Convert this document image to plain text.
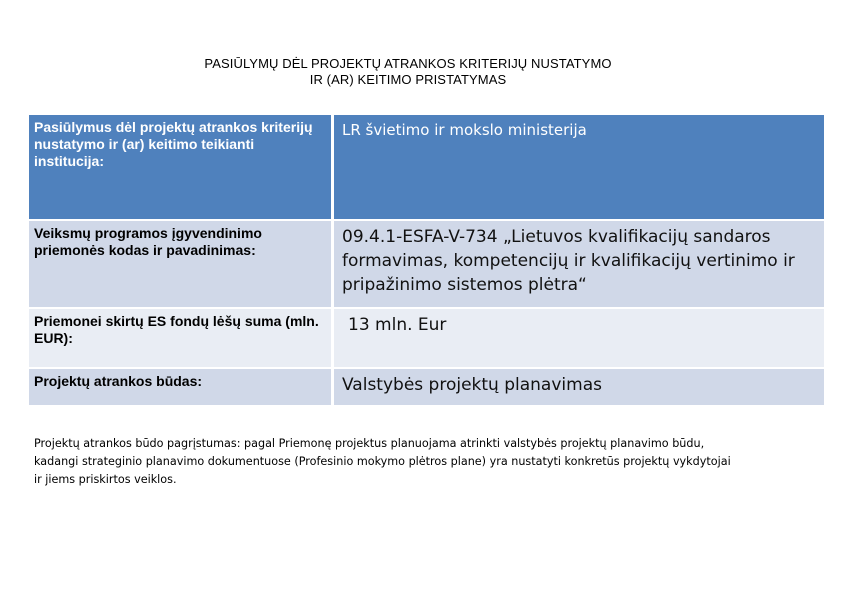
PASIŪLYMŲ DĖL PROJEKTŲ ATRANKOS KRITERIJŲ NUSTATYMO
IR (AR) KEITIMO PRISTATYMAS
Pasiūlymus dėl projektų atrankos kriterijų nustatymo ir (ar) keitimo teikianti institucija:
LR švietimo ir mokslo ministerija
Veiksmų programos įgyvendinimo priemonės kodas ir pavadinimas:
09.4.1-ESFA-V-734 „Lietuvos kvalifikacijų sandaros formavimas, kompetencijų ir kvalifikacijų vertinimo ir pripažinimo sistemos plėtra“
Priemonei skirtų ES fondų lėšų suma (mln. EUR):
13 mln. Eur
Projektų atrankos būdas:	Valstybės projektų planavimas
Projektų atrankos būdo pagrįstumas: pagal Priemonę projektus planuojama atrinkti valstybės projektų planavimo būdu, kadangi strateginio planavimo dokumentuose (Profesinio mokymo plėtros plane) yra nustatyti konkretūs projektų vykdytojai ir jiems priskirtos veiklos.
